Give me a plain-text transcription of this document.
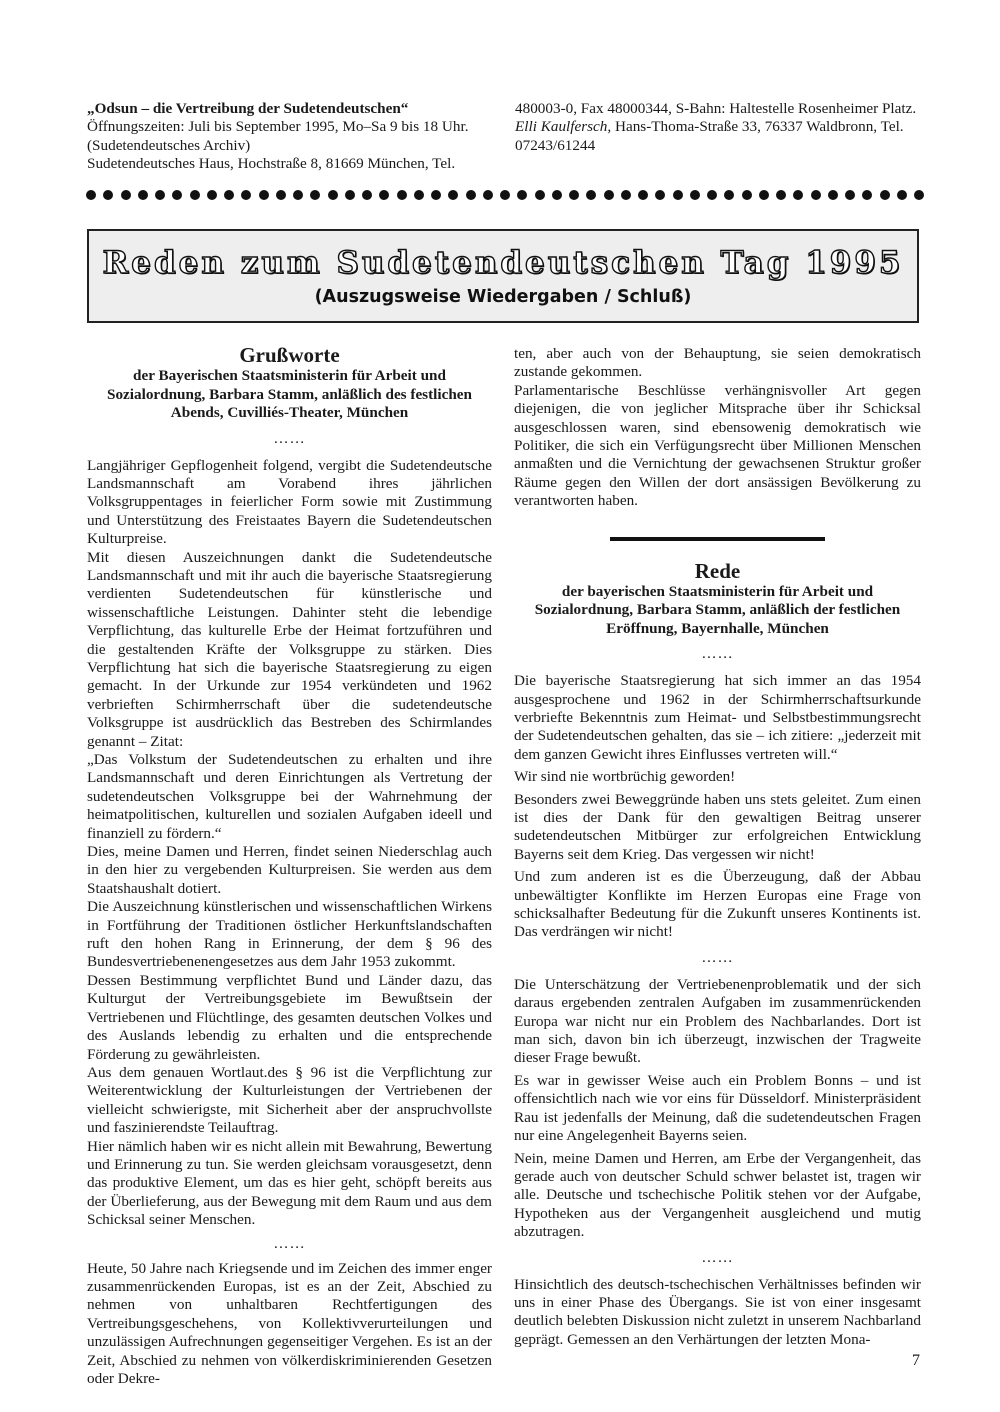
„Odsun – die Vertreibung der Sudetendeutschen“
Öffnungszeiten: Juli bis September 1995, Mo–Sa 9 bis 18 Uhr.
(Sudetendeutsches Archiv)
Sudetendeutsches Haus, Hochstraße 8, 81669 München, Tel.
480003-0, Fax 48000344, S-Bahn: Haltestelle Rosenheimer Platz.
Elli Kaulfersch, Hans-Thoma-Straße 33, 76337 Waldbronn, Tel. 07243/61244
Reden zum Sudetendeutschen Tag 1995
(Auszugsweise Wiedergaben / Schluß)
Grußworte
der Bayerischen Staatsministerin für Arbeit und Sozialordnung, Barbara Stamm, anläßlich des festlichen Abends, Cuvilliés-Theater, München
……

Langjähriger Gepflogenheit folgend, vergibt die Sudetendeutsche Landsmannschaft am Vorabend ihres jährlichen Volksgruppentages in feierlicher Form sowie mit Zustimmung und Unterstützung des Freistaates Bayern die Sudetendeutschen Kulturpreise.

Mit diesen Auszeichnungen dankt die Sudetendeutsche Landsmannschaft und mit ihr auch die bayerische Staatsregierung verdienten Sudetendeutschen für künstlerische und wissenschaftliche Leistungen. Dahinter steht die lebendige Verpflichtung, das kulturelle Erbe der Heimat fortzuführen und die gestaltenden Kräfte der Volksgruppe zu stärken. Dies Verpflichtung hat sich die bayerische Staatsregierung zu eigen gemacht. In der Urkunde zur 1954 verkündeten und 1962 verbrieften Schirmherrschaft über die sudetendeutsche Volksgruppe ist ausdrücklich das Bestreben des Schirmlandes genannt – Zitat:

„Das Volkstum der Sudetendeutschen zu erhalten und ihre Landsmannschaft und deren Einrichtungen als Vertretung der sudetendeutschen Volksgruppe bei der Wahrnehmung der heimatpolitischen, kulturellen und sozialen Aufgaben ideell und finanziell zu fördern.“

Dies, meine Damen und Herren, findet seinen Niederschlag auch in den hier zu vergebenden Kulturpreisen. Sie werden aus dem Staatshaushalt dotiert.

Die Auszeichnung künstlerischen und wissenschaftlichen Wirkens in Fortführung der Traditionen östlicher Herkunftslandschaften ruft den hohen Rang in Erinnerung, der dem § 96 des Bundesvertriebenenengesetzes aus dem Jahr 1953 zukommt.

Dessen Bestimmung verpflichtet Bund und Länder dazu, das Kulturgut der Vertreibungsgebiete im Bewußtsein der Vertriebenen und Flüchtlinge, des gesamten deutschen Volkes und des Auslands lebendig zu erhalten und die entsprechende Förderung zu gewährleisten.

Aus dem genauen Wortlaut.des § 96 ist die Verpflichtung zur Weiterentwicklung der Kulturleistungen der Vertriebenen der vielleicht schwierigste, mit Sicherheit aber der anspruchvollste und faszinierendste Teilauftrag.

Hier nämlich haben wir es nicht allein mit Bewahrung, Bewertung und Erinnerung zu tun. Sie werden gleichsam vorausgesetzt, denn das produktive Element, um das es hier geht, schöpft bereits aus der Überlieferung, aus der Bewegung mit dem Raum und aus dem Schicksal seiner Menschen.

……

Heute, 50 Jahre nach Kriegsende und im Zeichen des immer enger zusammenrückenden Europas, ist es an der Zeit, Abschied zu nehmen von unhaltbaren Rechtfertigungen des Vertreibungsgeschehens, von Kollektivverurteilungen und unzulässigen Aufrechnungen gegenseitiger Vergehen. Es ist an der Zeit, Abschied zu nehmen von völkerdiskriminierenden Gesetzen oder Dekre-

ten, aber auch von der Behauptung, sie seien demokratisch zustande gekommen.

Parlamentarische Beschlüsse verhängnisvoller Art gegen diejenigen, die von jeglicher Mitsprache über ihr Schicksal ausgeschlossen waren, sind ebensowenig demokratisch wie Politiker, die sich ein Verfügungsrecht über Millionen Menschen anmaßten und die Vernichtung der gewachsenen Struktur großer Räume gegen den Willen der dort ansässigen Bevölkerung zu verantworten haben.

Rede
der bayerischen Staatsministerin für Arbeit und Sozialordnung, Barbara Stamm, anläßlich der festlichen Eröffnung, Bayernhalle, München
……

Die bayerische Staatsregierung hat sich immer an das 1954 ausgesprochene und 1962 in der Schirmherrschaftsurkunde verbriefte Bekenntnis zum Heimat- und Selbstbestimmungsrecht der Sudetendeutschen gehalten, das sie – ich zitiere: „jederzeit mit dem ganzen Gewicht ihres Einflusses vertreten will.“

Wir sind nie wortbrüchig geworden!

Besonders zwei Beweggründe haben uns stets geleitet. Zum einen ist dies der Dank für den gewaltigen Beitrag unserer sudetendeutschen Mitbürger zur erfolgreichen Entwicklung Bayerns seit dem Krieg. Das vergessen wir nicht!

Und zum anderen ist es die Überzeugung, daß der Abbau unbewältigter Konflikte im Herzen Europas eine Frage von schicksalhafter Bedeutung für die Zukunft unseres Kontinents ist. Das verdrängen wir nicht!

……

Die Unterschätzung der Vertriebenenproblematik und der sich daraus ergebenden zentralen Aufgaben im zusammenrückenden Europa war nicht nur ein Problem des Nachbarlandes. Dort ist man sich, davon bin ich überzeugt, inzwischen der Tragweite dieser Frage bewußt.

Es war in gewisser Weise auch ein Problem Bonns – und ist offensichtlich nach wie vor eins für Düsseldorf. Ministerpräsident Rau ist jedenfalls der Meinung, daß die sudetendeutschen Fragen nur eine Angelegenheit Bayerns seien.

Nein, meine Damen und Herren, am Erbe der Vergangenheit, das gerade auch von deutscher Schuld schwer belastet ist, tragen wir alle. Deutsche und tschechische Politik stehen vor der Aufgabe, Hypotheken aus der Vergangenheit ausgleichend und mutig abzutragen.

……

Hinsichtlich des deutsch-tschechischen Verhältnisses befinden wir uns in einer Phase des Übergangs. Sie ist von einer insgesamt deutlich belebten Diskussion nicht zuletzt in unserem Nachbarland geprägt. Gemessen an den Verhärtungen der letzten Mona-

7
